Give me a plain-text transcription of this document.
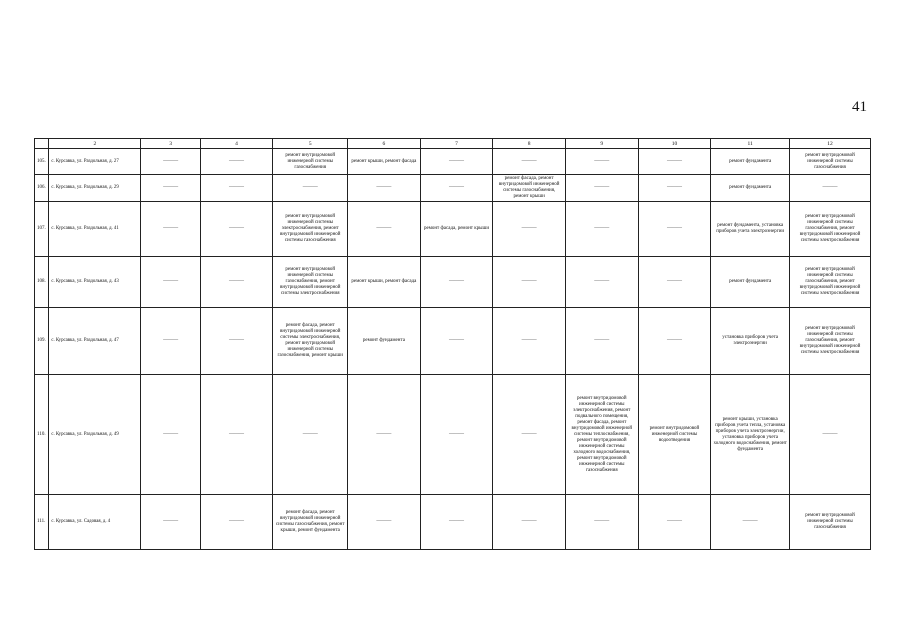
41
	2	3	4	5	6	7	8	9	10	11	12
105.	с. Курсавка, ул. Раздольная, д. 27	———	———	ремонт внутридомовой инженерной системы газоснабжения	ремонт крыши, ремонт фасада	———	———	———	———	ремонт фундамента	ремонт внутридомовой инженерной системы газоснабжения
106.	с. Курсавка, ул. Раздольная, д. 29	———	———	———	———	———	ремонт фасада, ремонт внутридомовой инженерной системы газоснабжения, ремонт крыши	———	———	ремонт фундамента	———
107.	с. Курсавка, ул. Раздольная, д. 41	———	———	ремонт внутридомовой инженерной системы электроснабжения, ремонт внутридомовой инженерной системы газоснабжения	———	ремонт фасада, ремонт крыши	———	———	———	ремонт фундамента, установка приборов учета электроэнергии	ремонт внутридомовой инженерной системы газоснабжения, ремонт внутридомовой инженерной системы электроснабжения
108.	с. Курсавка, ул. Раздольная, д. 43	———	———	ремонт внутридомовой инженерной системы газоснабжения, ремонт внутридомовой инженерной системы электроснабжения	ремонт крыши, ремонт фасада	———	———	———	———	ремонт фундамента	ремонт внутридомовой инженерной системы газоснабжения, ремонт внутридомовой инженерной системы электроснабжения
109.	с. Курсавка, ул. Раздольная, д. 47	———	———	ремонт фасада, ремонт внутридомовой инженерной системы электроснабжения, ремонт внутридомовой инженерной системы газоснабжения, ремонт крыши	ремонт фундамента	———	———	———	———	установка приборов учета электроэнергии	ремонт внутридомовой инженерной системы газоснабжения, ремонт внутридомовой инженерной системы электроснабжения
110.	с. Курсавка, ул. Раздольная, д. 49	———	———	———	———	———	———	ремонт внутридомовой инженерной системы электроснабжения, ремонт подвального помещения, ремонт фасада, ремонт внутридомовой инженерной системы теплоснабжения, ремонт внутридомовой инженерной системы холодного водоснабжения, ремонт внутридомовой инженерной системы газоснабжения	ремонт внутридомовой инженерной системы водоотведения	ремонт крыши, установка приборов учета тепла, установка приборов учета электроэнергии, установка приборов учета холодного водоснабжения, ремонт фундамента	———
111.	с. Курсавка, ул. Садовая, д. 4	———	———	ремонт фасада, ремонт внутридомовой инженерной системы газоснабжения, ремонт крыши, ремонт фундамента	———	———	———	———	———	———	ремонт внутридомовой инженерной системы газоснабжения
